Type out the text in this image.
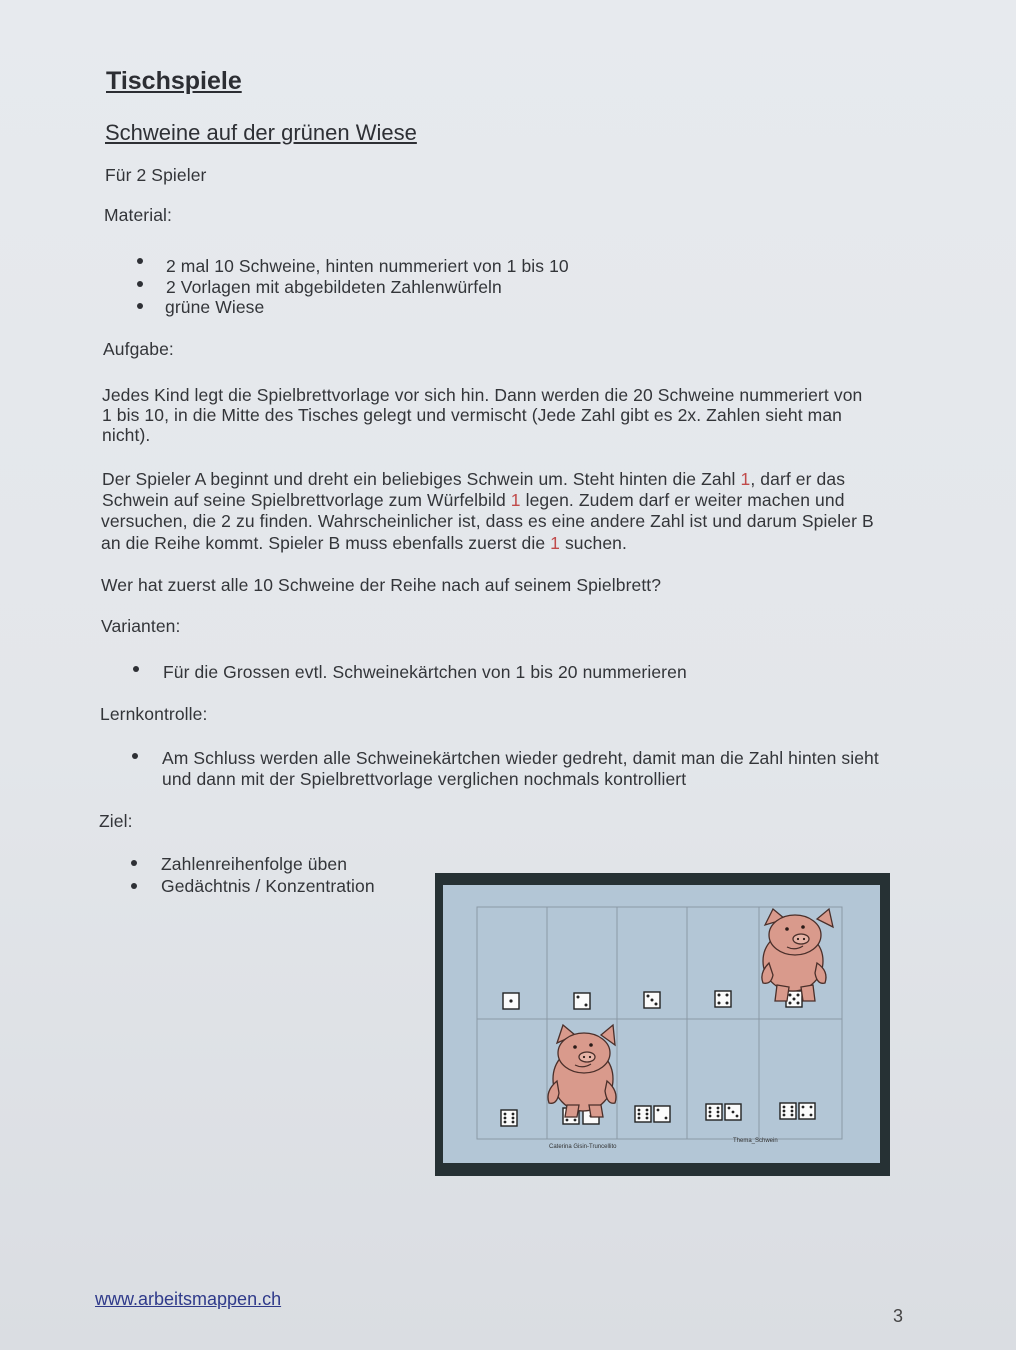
Tischspiele
Schweine auf der grünen Wiese
Für 2 Spieler
Material:
2 mal 10 Schweine, hinten nummeriert von 1 bis 10
2 Vorlagen mit abgebildeten Zahlenwürfeln
grüne Wiese
Aufgabe:
Jedes Kind legt die Spielbrettvorlage vor sich hin. Dann werden die 20 Schweine nummeriert von
1 bis 10, in die Mitte des Tisches gelegt und vermischt (Jede Zahl gibt es 2x. Zahlen sieht man
nicht).
Der Spieler A beginnt und dreht ein beliebiges Schwein um. Steht hinten die Zahl 1, darf er das
Schwein auf seine Spielbrettvorlage zum Würfelbild 1 legen. Zudem darf er weiter machen und
versuchen, die 2 zu finden. Wahrscheinlicher ist, dass es eine andere Zahl ist und darum Spieler B
an die Reihe kommt. Spieler B muss ebenfalls zuerst die 1 suchen.
Wer hat zuerst alle 10 Schweine der Reihe nach auf seinem Spielbrett?
Varianten:
Für die Grossen evtl. Schweinekärtchen von 1 bis 20 nummerieren
Lernkontrolle:
Am Schluss werden alle Schweinekärtchen wieder gedreht, damit man die Zahl hinten sieht
und dann mit der Spielbrettvorlage verglichen nochmals kontrolliert
Ziel:
Zahlenreihenfolge üben
Gedächtnis / Konzentration
Caterina Gisin-Truncellito
Thema_Schwein
www.arbeitsmappen.ch
3
